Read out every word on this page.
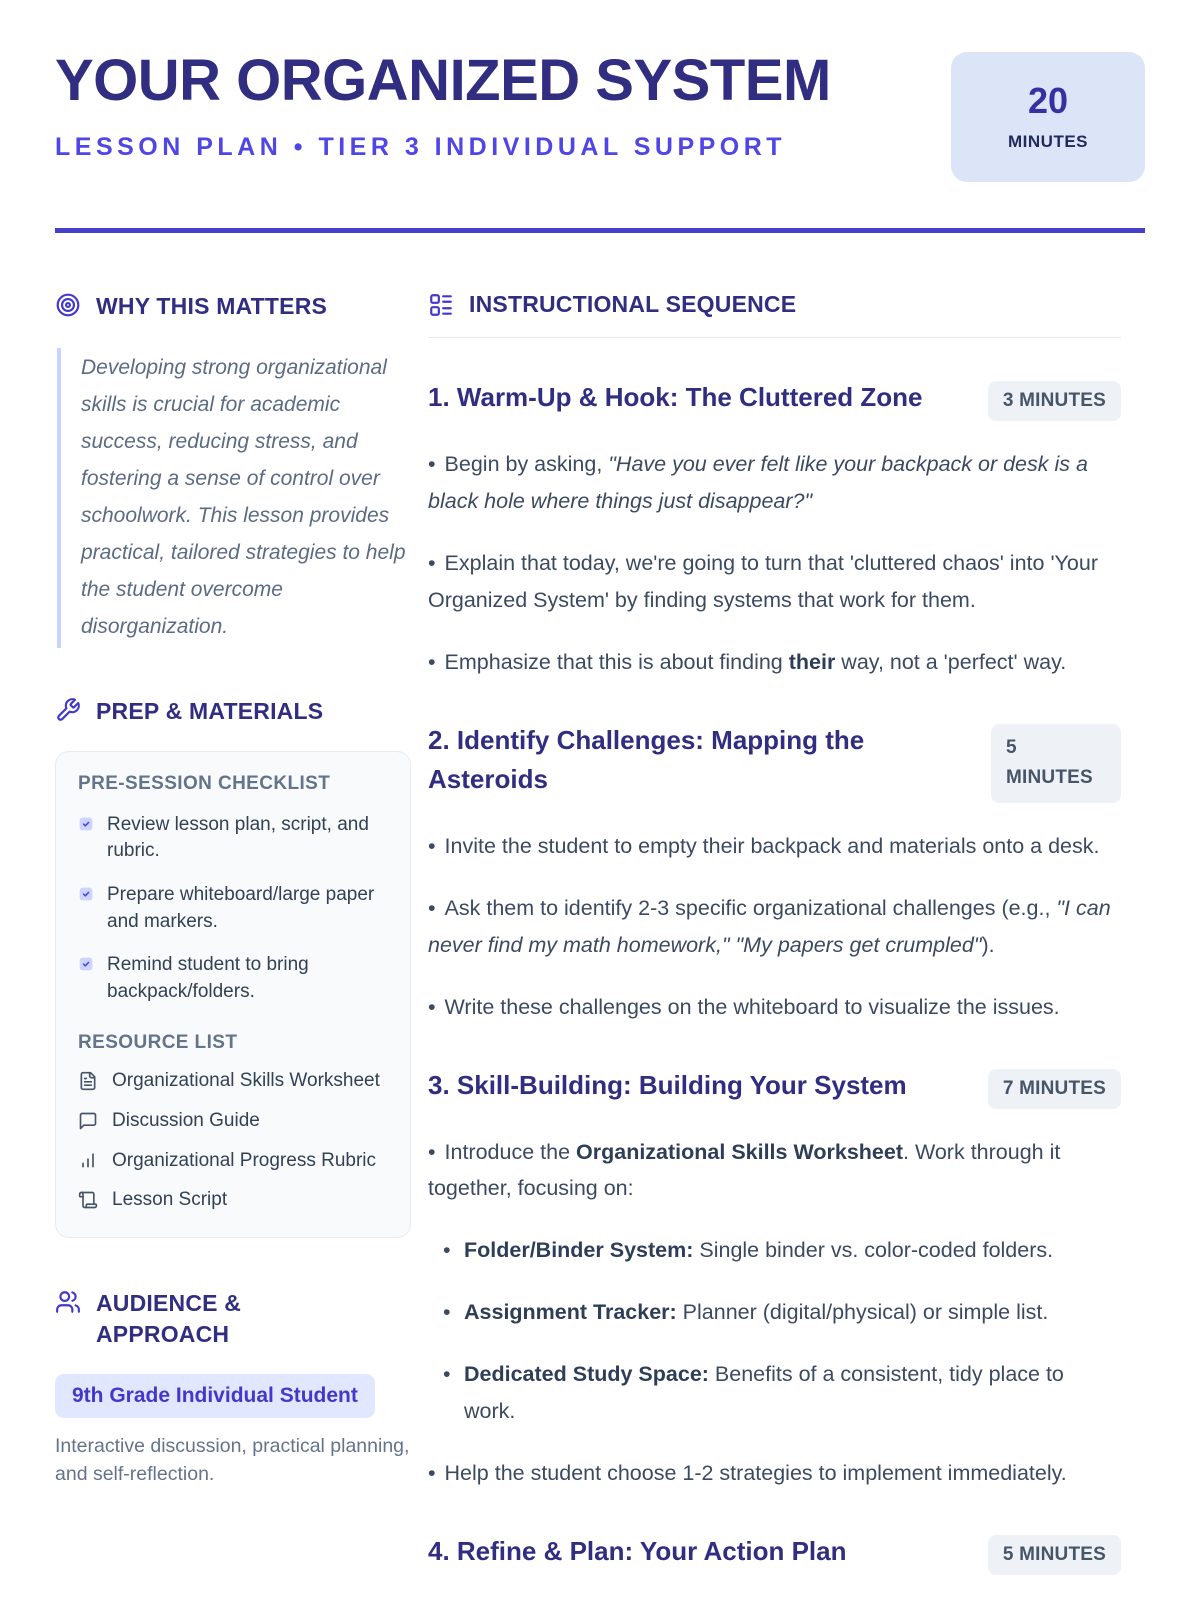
YOUR ORGANIZED SYSTEM
LESSON PLAN • TIER 3 INDIVIDUAL SUPPORT
20
MINUTES
WHY THIS MATTERS
Developing strong organizational skills is crucial for academic success, reducing stress, and fostering a sense of control over schoolwork. This lesson provides practical, tailored strategies to help the student overcome disorganization.
PREP & MATERIALS
PRE-SESSION CHECKLIST
Review lesson plan, script, and rubric.
Prepare whiteboard/large paper and markers.
Remind student to bring backpack/folders.
RESOURCE LIST
Organizational Skills Worksheet
Discussion Guide
Organizational Progress Rubric
Lesson Script
AUDIENCE & APPROACH
9th Grade Individual Student

Interactive discussion, practical planning, and self-reflection.

INSTRUCTIONAL SEQUENCE
1. Warm-Up & Hook: The Cluttered Zone	3 MINUTES

• Begin by asking, "Have you ever felt like your backpack or desk is a black hole where things just disappear?"

• Explain that today, we're going to turn that 'cluttered chaos' into 'Your Organized System' by finding systems that work for them.

• Emphasize that this is about finding their way, not a 'perfect' way.

2. Identify Challenges: Mapping the Asteroids
5 MINUTES

• Invite the student to empty their backpack and materials onto a desk.

• Ask them to identify 2-3 specific organizational challenges (e.g., "I can never find my math homework," "My papers get crumpled").

• Write these challenges on the whiteboard to visualize the issues.

3. Skill-Building: Building Your System	7 MINUTES

• Introduce the Organizational Skills Worksheet. Work through it together, focusing on:

• Folder/Binder System: Single binder vs. color-coded folders.
• Assignment Tracker: Planner (digital/physical) or simple list.
• Dedicated Study Space: Benefits of a consistent, tidy place to work.

• Help the student choose 1-2 strategies to implement immediately.

4. Refine & Plan: Your Action Plan	5 MINUTES
